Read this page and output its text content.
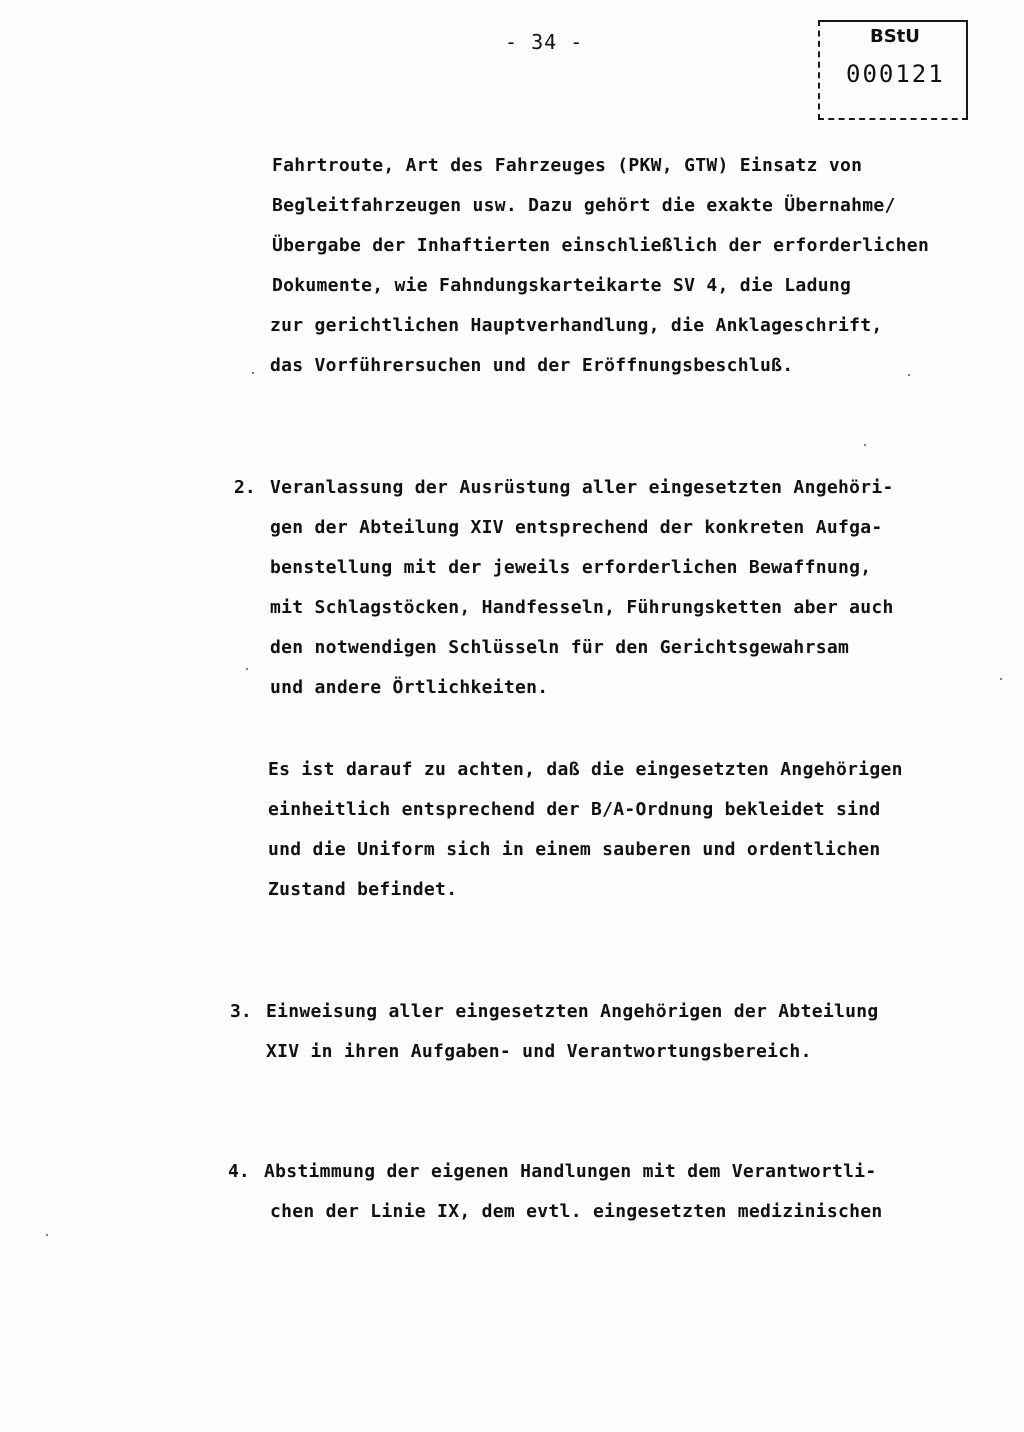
- 34 -	BStU
000121
Fahrtroute, Art des Fahrzeuges (PKW, GTW) Einsatz von
Begleitfahrzeugen usw. Dazu gehört die exakte Übernahme/
Übergabe der Inhaftierten einschließlich der erforderlichen
Dokumente, wie Fahndungskarteikarte SV 4, die Ladung
zur gerichtlichen Hauptverhandlung, die Anklageschrift,
das Vorführersuchen und der Eröffnungsbeschluß.
2. Veranlassung der Ausrüstung aller eingesetzten Angehöri-
gen der Abteilung XIV entsprechend der konkreten Aufga-
benstellung mit der jeweils erforderlichen Bewaffnung,
mit Schlagstöcken, Handfesseln, Führungsketten aber auch
den notwendigen Schlüsseln für den Gerichtsgewahrsam
und andere Örtlichkeiten.
Es ist darauf zu achten, daß die eingesetzten Angehörigen
einheitlich entsprechend der B/A-Ordnung bekleidet sind
und die Uniform sich in einem sauberen und ordentlichen
Zustand befindet.
3. Einweisung aller eingesetzten Angehörigen der Abteilung
XIV in ihren Aufgaben- und Verantwortungsbereich.
4. Abstimmung der eigenen Handlungen mit dem Verantwortli-
chen der Linie IX, dem evtl. eingesetzten medizinischen
